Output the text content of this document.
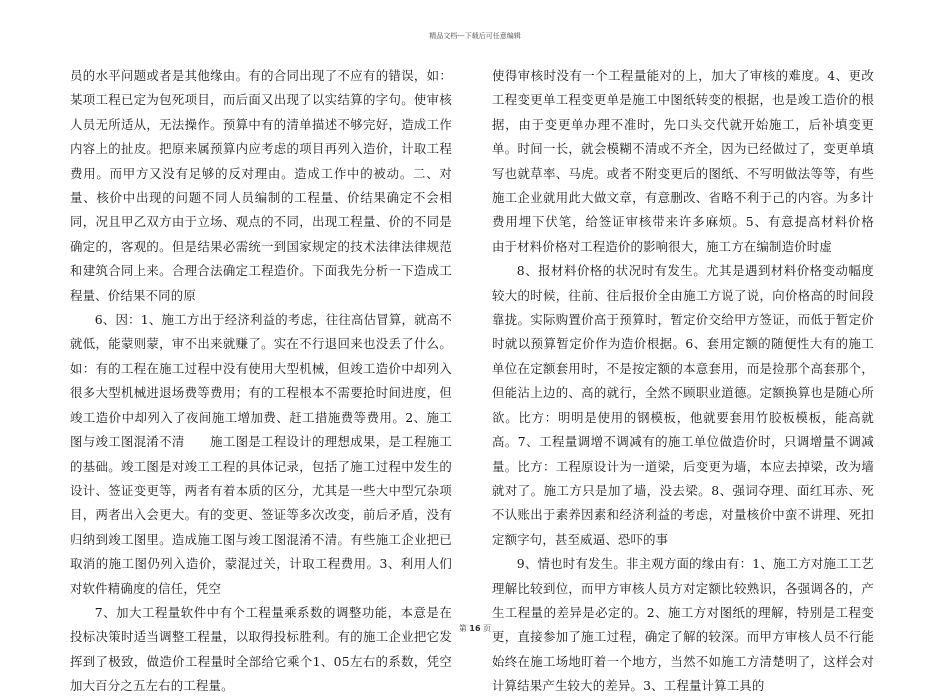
精品文档---下载后可任意编辑

员的水平问题或者是其他缘由。有的合同出现了不应有的错误，如：某项工程已定为包死项目，而后面又出现了以实结算的字句。使审核人员无所适从，无法操作。预算中有的清单描述不够完好，造成工作内容上的扯皮。把原来属预算内应考虑的项目再列入造价，计取工程费用。而甲方又没有足够的反对理由。造成工作中的被动。二、对量、核价中出现的问题不同人员编制的工程量、价结果确定不会相同，况且甲乙双方由于立场、观点的不同，出现工程量、价的不同是确定的，客观的。但是结果必需统一到国家规定的技术法律法律规范和建筑合同上来。合理合法确定工程造价。下面我先分析一下造成工程量、价结果不同的原

6、因：1、施工方出于经济利益的考虑，往往高估冒算，就高不就低，能蒙则蒙，审不出来就赚了。实在不行退回来也没丢了什么。如：有的工程在施工过程中没有使用大型机械，但竣工造价中却列入很多大型机械进退场费等费用；有的工程根本不需要抢时间进度，但竣工造价中却列入了夜间施工增加费、赶工措施费等费用。2、施工图与竣工图混淆不清　　施工图是工程设计的理想成果，是工程施工的基础。竣工图是对竣工工程的具体记录，包括了施工过程中发生的设计、签证变更等，两者有着本质的区分，尤其是一些大中型冗杂项目，两者出入会更大。有的变更、签证等多次改变，前后矛盾，没有归纳到竣工图里。造成施工图与竣工图混淆不清。有些施工企业把已取消的施工图仍列入造价，蒙混过关，计取工程费用。3、利用人们对软件精确度的信任，凭空

7、加大工程量软件中有个工程量乘系数的调整功能，本意是在投标决策时适当调整工程量，以取得投标胜利。有的施工企业把它发挥到了极致，做造价工程量时全部给它乘个1、05左右的系数，凭空加大百分之五左右的工程量。

使得审核时没有一个工程量能对的上，加大了审核的难度。4、更改工程变更单工程变更单是施工中图纸转变的根据，也是竣工造价的根据，由于变更单办理不准时，先口头交代就开始施工，后补填变更单。时间一长，就会模糊不清或不齐全，因为已经做过了，变更单填写也就草率、马虎。或者不附变更后的图纸、不写明做法等等，有些施工企业就用此大做文章，有意删改、省略不利于己的内容。为多计费用埋下伏笔，给签证审核带来许多麻烦。5、有意提高材料价格　　由于材料价格对工程造价的影响很大，施工方在编制造价时虚

8、报材料价格的状况时有发生。尤其是遇到材料价格变动幅度较大的时候，往前、往后报价全由施工方说了说，向价格高的时间段靠拢。实际购置价高于预算时，暂定价交给甲方签证，而低于暂定价时就以预算暂定价作为造价根据。6、套用定额的随便性大有的施工单位在定额套用时，不是按定额的本意套用，而是捡那个高套那个，但能沾上边的、高的就行，全然不顾职业道德。定额换算也是随心所欲。比方：明明是使用的钢模板，他就要套用竹胶板模板，能高就高。7、工程量调增不调减有的施工单位做造价时，只调增量不调减量。比方：工程原设计为一道梁，后变更为墙，本应去掉梁，改为墙就对了。施工方只是加了墙，没去梁。8、强词夺理、面红耳赤、死不认账出于素养因素和经济利益的考虑，对量核价中蛮不讲理、死扣定额字句，甚至威逼、恐吓的事

9、情也时有发生。非主观方面的缘由有：1、施工方对施工工艺理解比较到位，而甲方审核人员方对定额比较熟识，各强调各的，产生工程量的差异是必定的。2、施工方对图纸的理解，特别是工程变更，直接参加了施工过程，确定了解的较深。而甲方审核人员不行能始终在施工场地盯着一个地方，当然不如施工方清楚明了，这样会对计算结果产生较大的差异。3、工程量计算工具的

第 16 页
